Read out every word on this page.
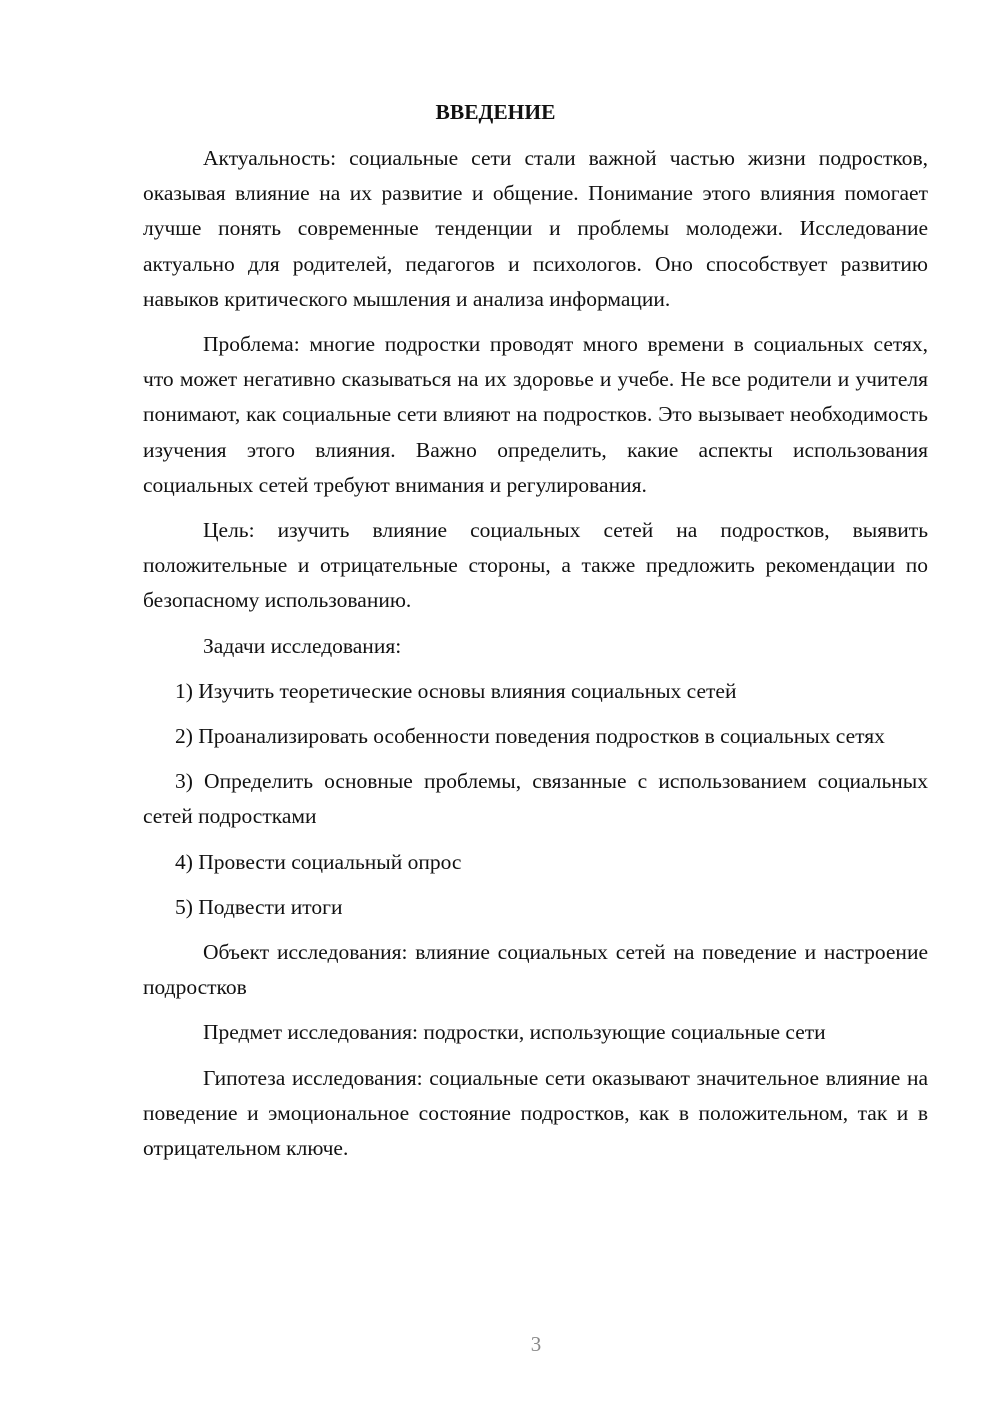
ВВЕДЕНИЕ

Актуальность: социальные сети стали важной частью жизни подростков, оказывая влияние на их развитие и общение. Понимание этого влияния помогает лучше понять современные тенденции и проблемы молодежи. Исследование актуально для родителей, педагогов и психологов. Оно способствует развитию навыков критического мышления и анализа информации.

Проблема: многие подростки проводят много времени в социальных сетях, что может негативно сказываться на их здоровье и учебе. Не все родители и учителя понимают, как социальные сети влияют на подростков. Это вызывает необходимость изучения этого влияния. Важно определить, какие аспекты использования социальных сетей требуют внимания и регулирования.

Цель: изучить влияние социальных сетей на подростков, выявить положительные и отрицательные стороны, а также предложить рекомендации по безопасному использованию.

Задачи исследования:

1) Изучить теоретические основы влияния социальных сетей

2) Проанализировать особенности поведения подростков в социальных сетях

3) Определить основные проблемы, связанные с использованием социальных сетей подростками

4) Провести социальный опрос

5) Подвести итоги

Объект исследования: влияние социальных сетей на поведение и настроение подростков

Предмет исследования: подростки, использующие социальные сети

Гипотеза исследования: социальные сети оказывают значительное влияние на поведение и эмоциональное состояние подростков, как в положительном, так и в отрицательном ключе.

3
